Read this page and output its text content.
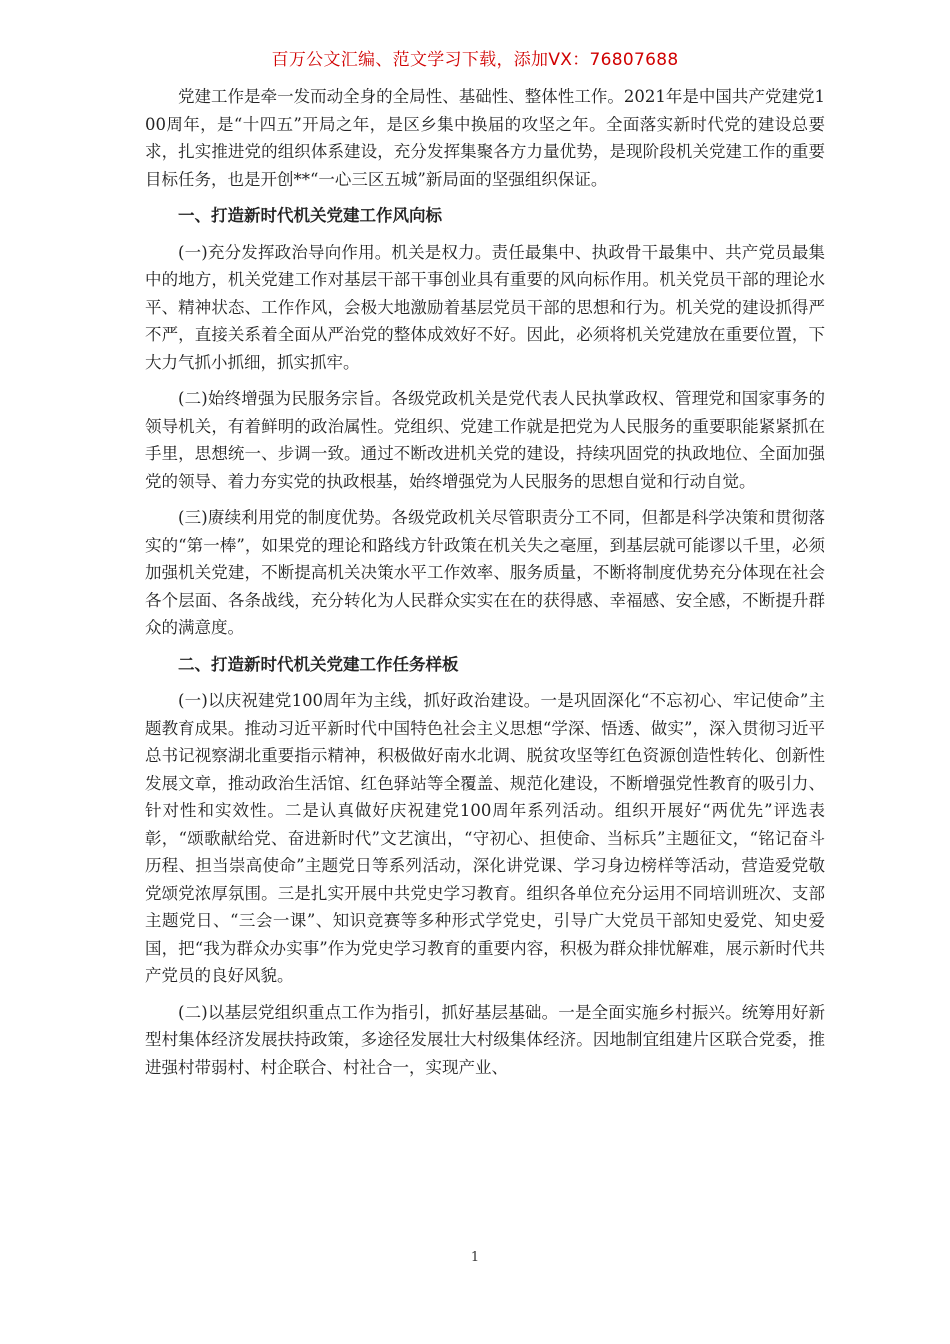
百万公文汇编、范文学习下载，添加VX：76807688

党建工作是牵一发而动全身的全局性、基础性、整体性工作。2021年是中国共产党建党100周年，是“十四五”开局之年，是区乡集中换届的攻坚之年。全面落实新时代党的建设总要求，扎实推进党的组织体系建设，充分发挥集聚各方力量优势，是现阶段机关党建工作的重要目标任务，也是开创**“一心三区五城”新局面的坚强组织保证。

一、打造新时代机关党建工作风向标

(一)充分发挥政治导向作用。机关是权力。责任最集中、执政骨干最集中、共产党员最集中的地方，机关党建工作对基层干部干事创业具有重要的风向标作用。机关党员干部的理论水平、精神状态、工作作风，会极大地激励着基层党员干部的思想和行为。机关党的建设抓得严不严，直接关系着全面从严治党的整体成效好不好。因此，必须将机关党建放在重要位置，下大力气抓小抓细，抓实抓牢。

(二)始终增强为民服务宗旨。各级党政机关是党代表人民执掌政权、管理党和国家事务的领导机关，有着鲜明的政治属性。党组织、党建工作就是把党为人民服务的重要职能紧紧抓在手里，思想统一、步调一致。通过不断改进机关党的建设，持续巩固党的执政地位、全面加强党的领导、着力夯实党的执政根基，始终增强党为人民服务的思想自觉和行动自觉。

(三)赓续利用党的制度优势。各级党政机关尽管职责分工不同，但都是科学决策和贯彻落实的“第一棒”，如果党的理论和路线方针政策在机关失之毫厘，到基层就可能谬以千里，必须加强机关党建，不断提高机关决策水平工作效率、服务质量，不断将制度优势充分体现在社会各个层面、各条战线，充分转化为人民群众实实在在的获得感、幸福感、安全感，不断提升群众的满意度。

二、打造新时代机关党建工作任务样板

(一)以庆祝建党100周年为主线，抓好政治建设。一是巩固深化“不忘初心、牢记使命”主题教育成果。推动习近平新时代中国特色社会主义思想“学深、悟透、做实”，深入贯彻习近平总书记视察湖北重要指示精神，积极做好南水北调、脱贫攻坚等红色资源创造性转化、创新性发展文章，推动政治生活馆、红色驿站等全覆盖、规范化建设，不断增强党性教育的吸引力、针对性和实效性。二是认真做好庆祝建党100周年系列活动。组织开展好“两优先”评选表彰，“颂歌献给党、奋进新时代”文艺演出，“守初心、担使命、当标兵”主题征文，“铭记奋斗历程、担当崇高使命”主题党日等系列活动，深化讲党课、学习身边榜样等活动，营造爱党敬党颂党浓厚氛围。三是扎实开展中共党史学习教育。组织各单位充分运用不同培训班次、支部主题党日、“三会一课”、知识竞赛等多种形式学党史，引导广大党员干部知史爱党、知史爱国，把“我为群众办实事”作为党史学习教育的重要内容，积极为群众排忧解难，展示新时代共产党员的良好风貌。

(二)以基层党组织重点工作为指引，抓好基层基础。一是全面实施乡村振兴。统筹用好新型村集体经济发展扶持政策，多途径发展壮大村级集体经济。因地制宜组建片区联合党委，推进强村带弱村、村企联合、村社合一，实现产业、

1
